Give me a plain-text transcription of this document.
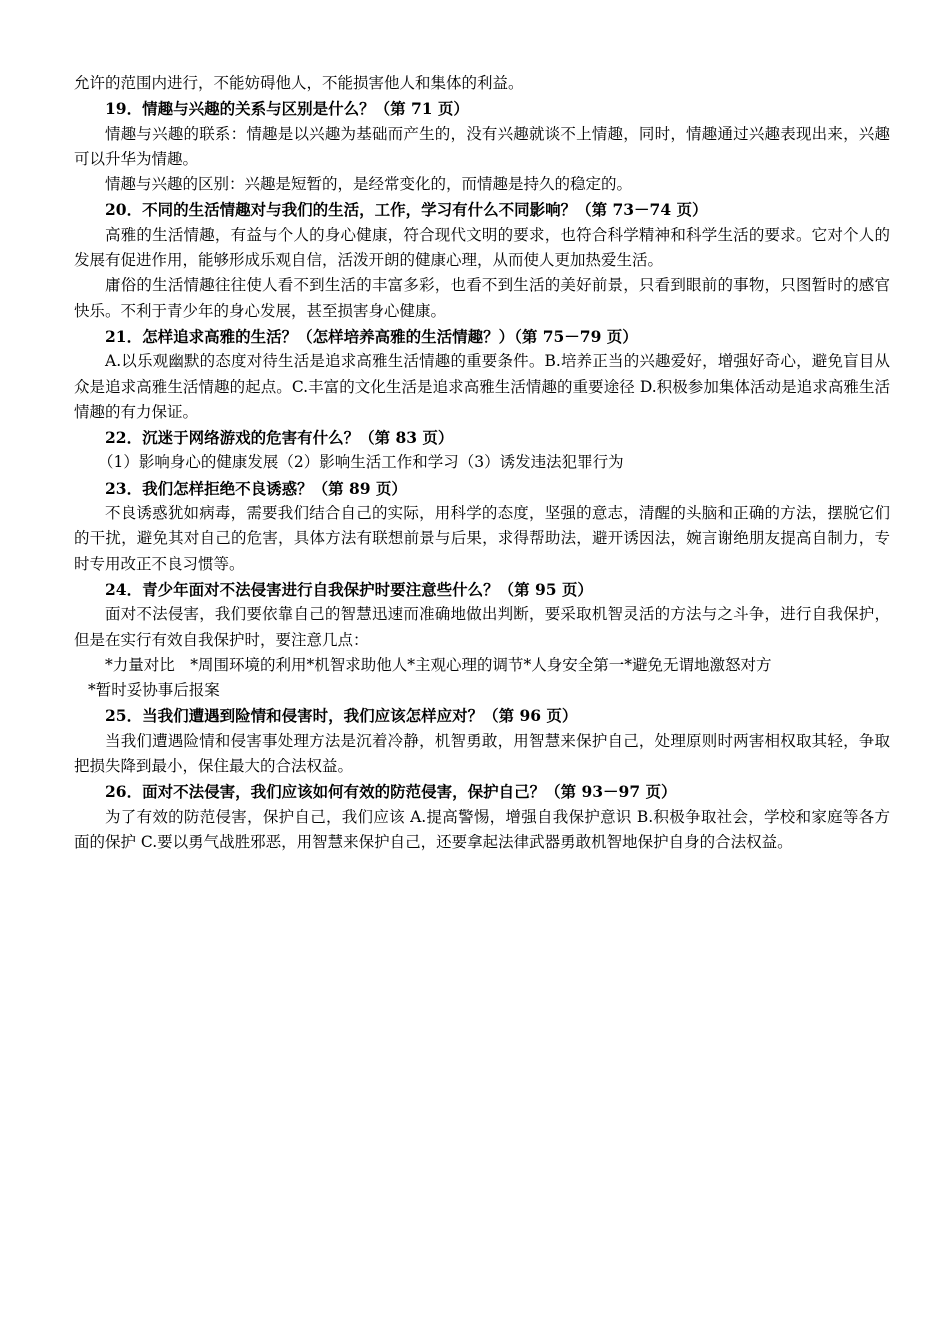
允许的范围内进行，不能妨碍他人，不能损害他人和集体的利益。

19．情趣与兴趣的关系与区别是什么？（第 71 页）

情趣与兴趣的联系：情趣是以兴趣为基础而产生的，没有兴趣就谈不上情趣，同时，情趣通过兴趣表现出来，兴趣可以升华为情趣。

情趣与兴趣的区别：兴趣是短暂的，是经常变化的，而情趣是持久的稳定的。

20．不同的生活情趣对与我们的生活，工作，学习有什么不同影响？（第 73－74 页）

高雅的生活情趣，有益与个人的身心健康，符合现代文明的要求，也符合科学精神和科学生活的要求。它对个人的发展有促进作用，能够形成乐观自信，活泼开朗的健康心理，从而使人更加热爱生活。

庸俗的生活情趣往往使人看不到生活的丰富多彩，也看不到生活的美好前景，只看到眼前的事物，只图暂时的感官快乐。不利于青少年的身心发展，甚至损害身心健康。

21．怎样追求高雅的生活？（怎样培养高雅的生活情趣？）（第 75－79 页）

A.以乐观幽默的态度对待生活是追求高雅生活情趣的重要条件。B.培养正当的兴趣爱好，增强好奇心，避免盲目从众是追求高雅生活情趣的起点。C.丰富的文化生活是追求高雅生活情趣的重要途径 D.积极参加集体活动是追求高雅生活情趣的有力保证。

22．沉迷于网络游戏的危害有什么？（第 83 页）

（1）影响身心的健康发展（2）影响生活工作和学习（3）诱发违法犯罪行为

23．我们怎样拒绝不良诱惑？（第 89 页）

不良诱惑犹如病毒，需要我们结合自己的实际，用科学的态度，坚强的意志，清醒的头脑和正确的方法，摆脱它们的干扰，避免其对自己的危害，具体方法有联想前景与后果，求得帮助法，避开诱因法，婉言谢绝朋友提高自制力，专时专用改正不良习惯等。

24．青少年面对不法侵害进行自我保护时要注意些什么？（第 95 页）

面对不法侵害，我们要依靠自己的智慧迅速而准确地做出判断，要采取机智灵活的方法与之斗争，进行自我保护，但是在实行有效自我保护时，要注意几点：

*力量对比　*周围环境的利用*机智求助他人*主观心理的调节*人身安全第一*避免无谓地激怒对方

*暂时妥协事后报案

25．当我们遭遇到险情和侵害时，我们应该怎样应对？（第 96 页）

当我们遭遇险情和侵害事处理方法是沉着冷静，机智勇敢，用智慧来保护自己，处理原则时两害相权取其轻，争取把损失降到最小，保住最大的合法权益。

26．面对不法侵害，我们应该如何有效的防范侵害，保护自己？（第 93－97 页）

为了有效的防范侵害，保护自己，我们应该 A.提高警惕，增强自我保护意识 B.积极争取社会，学校和家庭等各方面的保护 C.要以勇气战胜邪恶，用智慧来保护自己，还要拿起法律武器勇敢机智地保护自身的合法权益。
